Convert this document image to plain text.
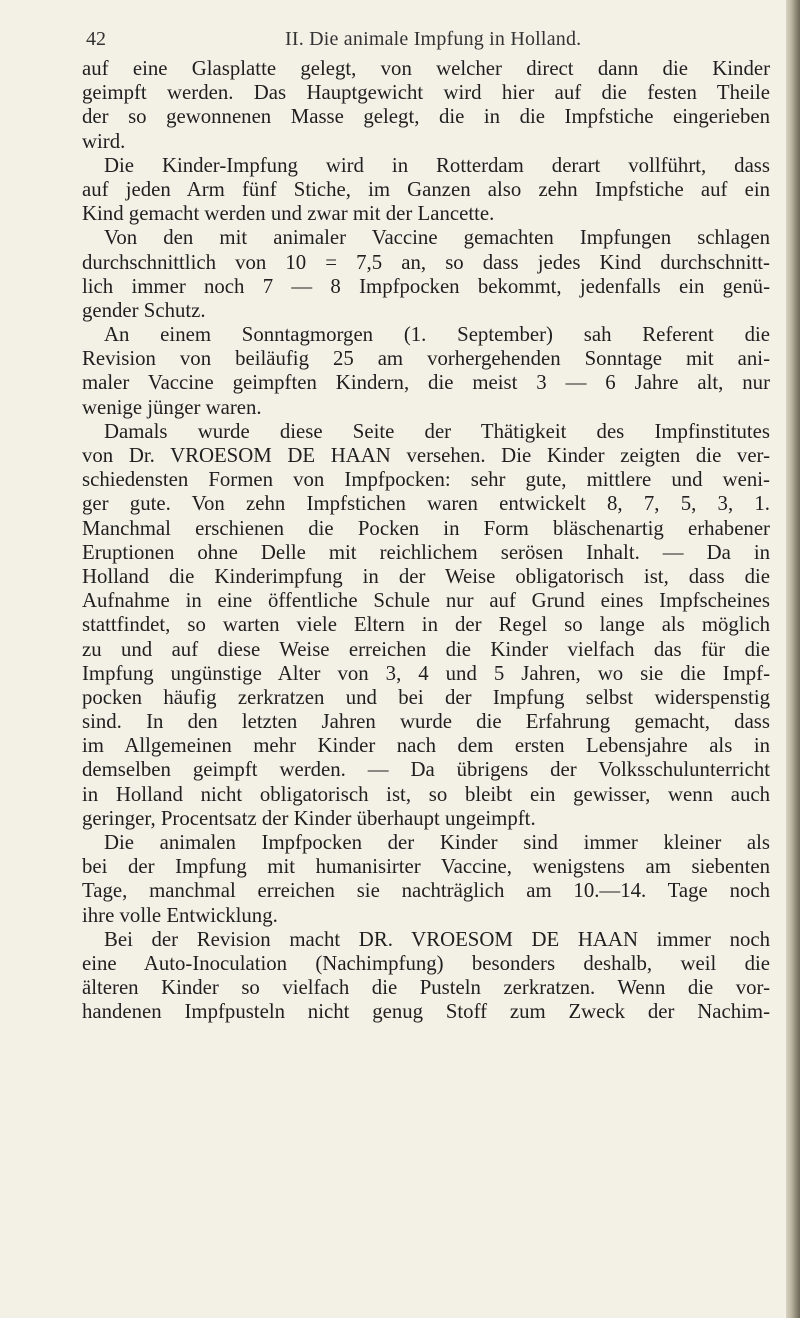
42	II. Die animale Impfung in Holland.
auf eine Glasplatte gelegt, von welcher direct dann die Kinder
geimpft werden. Das Hauptgewicht wird hier auf die festen Theile
der so gewonnenen Masse gelegt, die in die Impfstiche eingerieben
wird.
Die Kinder-Impfung wird in Rotterdam derart vollführt, dass
auf jeden Arm fünf Stiche, im Ganzen also zehn Impfstiche auf ein
Kind gemacht werden und zwar mit der Lancette.
Von den mit animaler Vaccine gemachten Impfungen schlagen
durchschnittlich von 10 = 7,5 an, so dass jedes Kind durchschnitt-
lich immer noch 7 — 8 Impfpocken bekommt, jedenfalls ein genü-
gender Schutz.
An einem Sonntagmorgen (1. September) sah Referent die
Revision von beiläufig 25 am vorhergehenden Sonntage mit ani-
maler Vaccine geimpften Kindern, die meist 3 — 6 Jahre alt, nur
wenige jünger waren.
Damals wurde diese Seite der Thätigkeit des Impfinstitutes
von Dr. VROESOM DE HAAN versehen. Die Kinder zeigten die ver-
schiedensten Formen von Impfpocken: sehr gute, mittlere und weni-
ger gute. Von zehn Impfstichen waren entwickelt 8, 7, 5, 3, 1.
Manchmal erschienen die Pocken in Form bläschenartig erhabener
Eruptionen ohne Delle mit reichlichem serösen Inhalt. — Da in
Holland die Kinderimpfung in der Weise obligatorisch ist, dass die
Aufnahme in eine öffentliche Schule nur auf Grund eines Impfscheines
stattfindet, so warten viele Eltern in der Regel so lange als möglich
zu und auf diese Weise erreichen die Kinder vielfach das für die
Impfung ungünstige Alter von 3, 4 und 5 Jahren, wo sie die Impf-
pocken häufig zerkratzen und bei der Impfung selbst widerspenstig
sind. In den letzten Jahren wurde die Erfahrung gemacht, dass
im Allgemeinen mehr Kinder nach dem ersten Lebensjahre als in
demselben geimpft werden. — Da übrigens der Volksschulunterricht
in Holland nicht obligatorisch ist, so bleibt ein gewisser, wenn auch
geringer, Procentsatz der Kinder überhaupt ungeimpft.
Die animalen Impfpocken der Kinder sind immer kleiner als
bei der Impfung mit humanisirter Vaccine, wenigstens am siebenten
Tage, manchmal erreichen sie nachträglich am 10.—14. Tage noch
ihre volle Entwicklung.
Bei der Revision macht DR. VROESOM DE HAAN immer noch
eine Auto-Inoculation (Nachimpfung) besonders deshalb, weil die
älteren Kinder so vielfach die Pusteln zerkratzen. Wenn die vor-
handenen Impfpusteln nicht genug Stoff zum Zweck der Nachim-
